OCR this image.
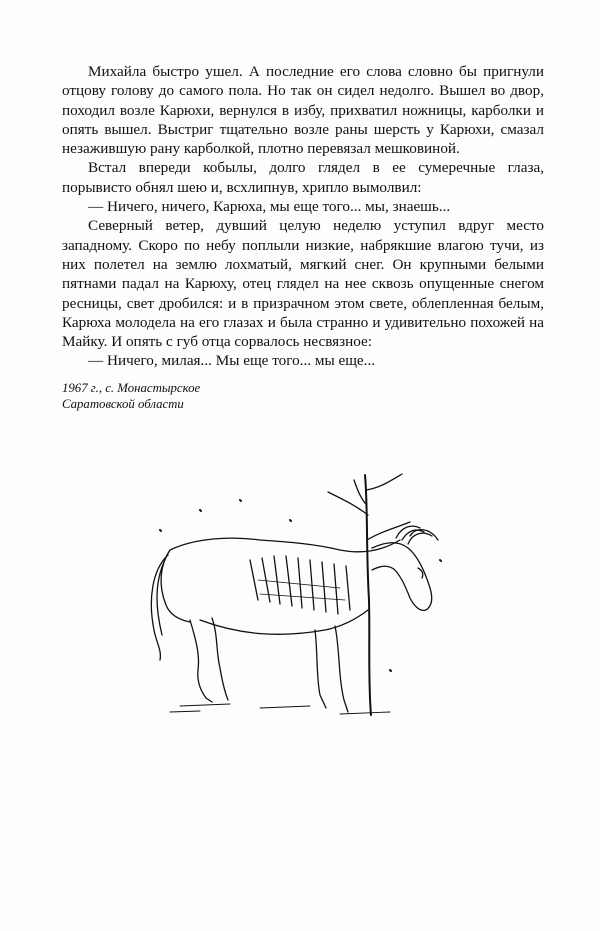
Михайла быстро ушел. А последние его слова словно бы пригнули отцову голову до самого пола. Но так он сидел недолго. Вышел во двор, походил возле Карюхи, вернулся в избу, прихватил ножницы, карболки и опять вышел. Выстриг тщательно возле раны шерсть у Карюхи, смазал незажившую рану карболкой, плотно перевязал мешковиной.

Встал впереди кобылы, долго глядел в ее сумеречные глаза, порывисто обнял шею и, всхлипнув, хрипло вымолвил:

— Ничего, ничего, Карюха, мы еще того... мы, знаешь...

Северный ветер, дувший целую неделю уступил вдруг место западному. Скоро по небу поплыли низкие, набрякшие влагою тучи, из них полетел на землю лохматый, мягкий снег. Он крупными белыми пятнами падал на Карюху, отец глядел на нее сквозь опущенные снегом ресницы, свет дробился: и в призрачном этом свете, облепленная белым, Карюха молодела на его глазах и была странно и удивительно похожей на Майку. И опять с губ отца сорвалось несвязное:

— Ничего, милая... Мы еще того... мы еще...

1967 г., с. Монастырское
Саратовской области
